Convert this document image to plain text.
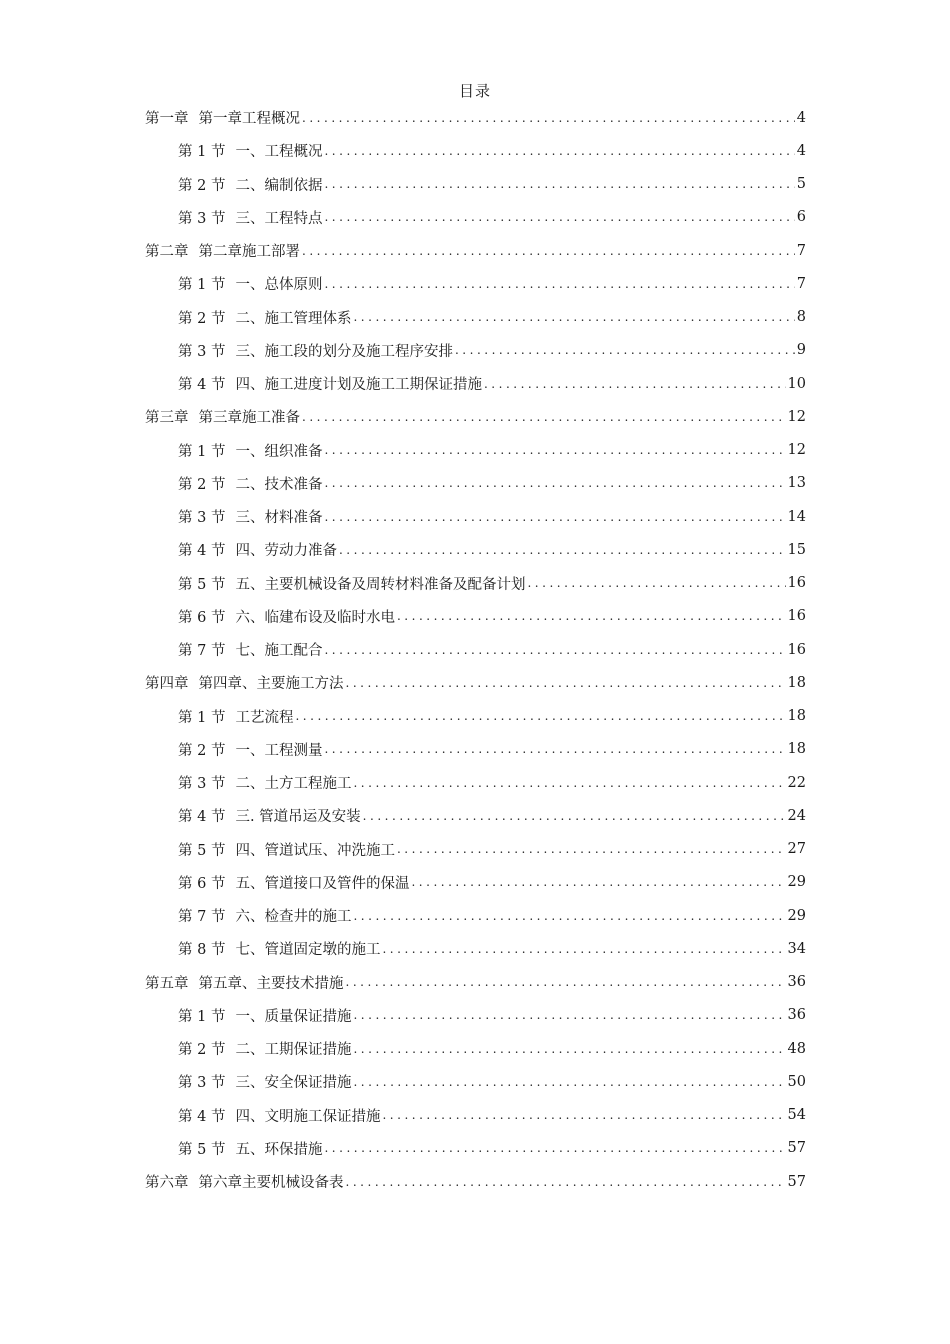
目录
第一章 第一章工程概况 . . .	4
第 1 节 一、工程概况 . . .	4
第 2 节 二、编制依据 . . .	5
第 3 节 三、工程特点 . . .	6
第二章 第二章施工部署 . . .	7
第 1 节 一、总体原则 . . .	7
第 2 节 二、施工管理体系 . . .	8
第 3 节 三、施工段的划分及施工程序安排 . . .	9
第 4 节 四、施工进度计划及施工工期保证措施 . . .	10
第三章 第三章施工准备 . . .	12
第 1 节 一、组织准备 . . .	12
第 2 节 二、技术准备 . . .	13
第 3 节 三、材料准备 . . .	14
第 4 节 四、劳动力准备 . . .	15
第 5 节 五、主要机械设备及周转材料准备及配备计划 . . .	16
第 6 节 六、临建布设及临时水电 . . .	16
第 7 节 七、施工配合 . . .	16
第四章 第四章、主要施工方法 . . .	18
第 1 节 工艺流程 . . .	18
第 2 节 一、工程测量 . . .	18
第 3 节 二、土方工程施工 . . .	22
第 4 节 三. 管道吊运及安装 . . .	24
第 5 节 四、管道试压、冲洗施工 . . .	27
第 6 节 五、管道接口及管件的保温 . . .	29
第 7 节 六、检查井的施工 . . .	29
第 8 节 七、管道固定墩的施工 . . .	34
第五章 第五章、主要技术措施 . . .	36
第 1 节 一、质量保证措施 . . .	36
第 2 节 二、工期保证措施 . . .	48
第 3 节 三、安全保证措施 . . .	50
第 4 节 四、文明施工保证措施 . . .	54
第 5 节 五、环保措施 . . .	57
第六章 第六章主要机械设备表 . . .	57
